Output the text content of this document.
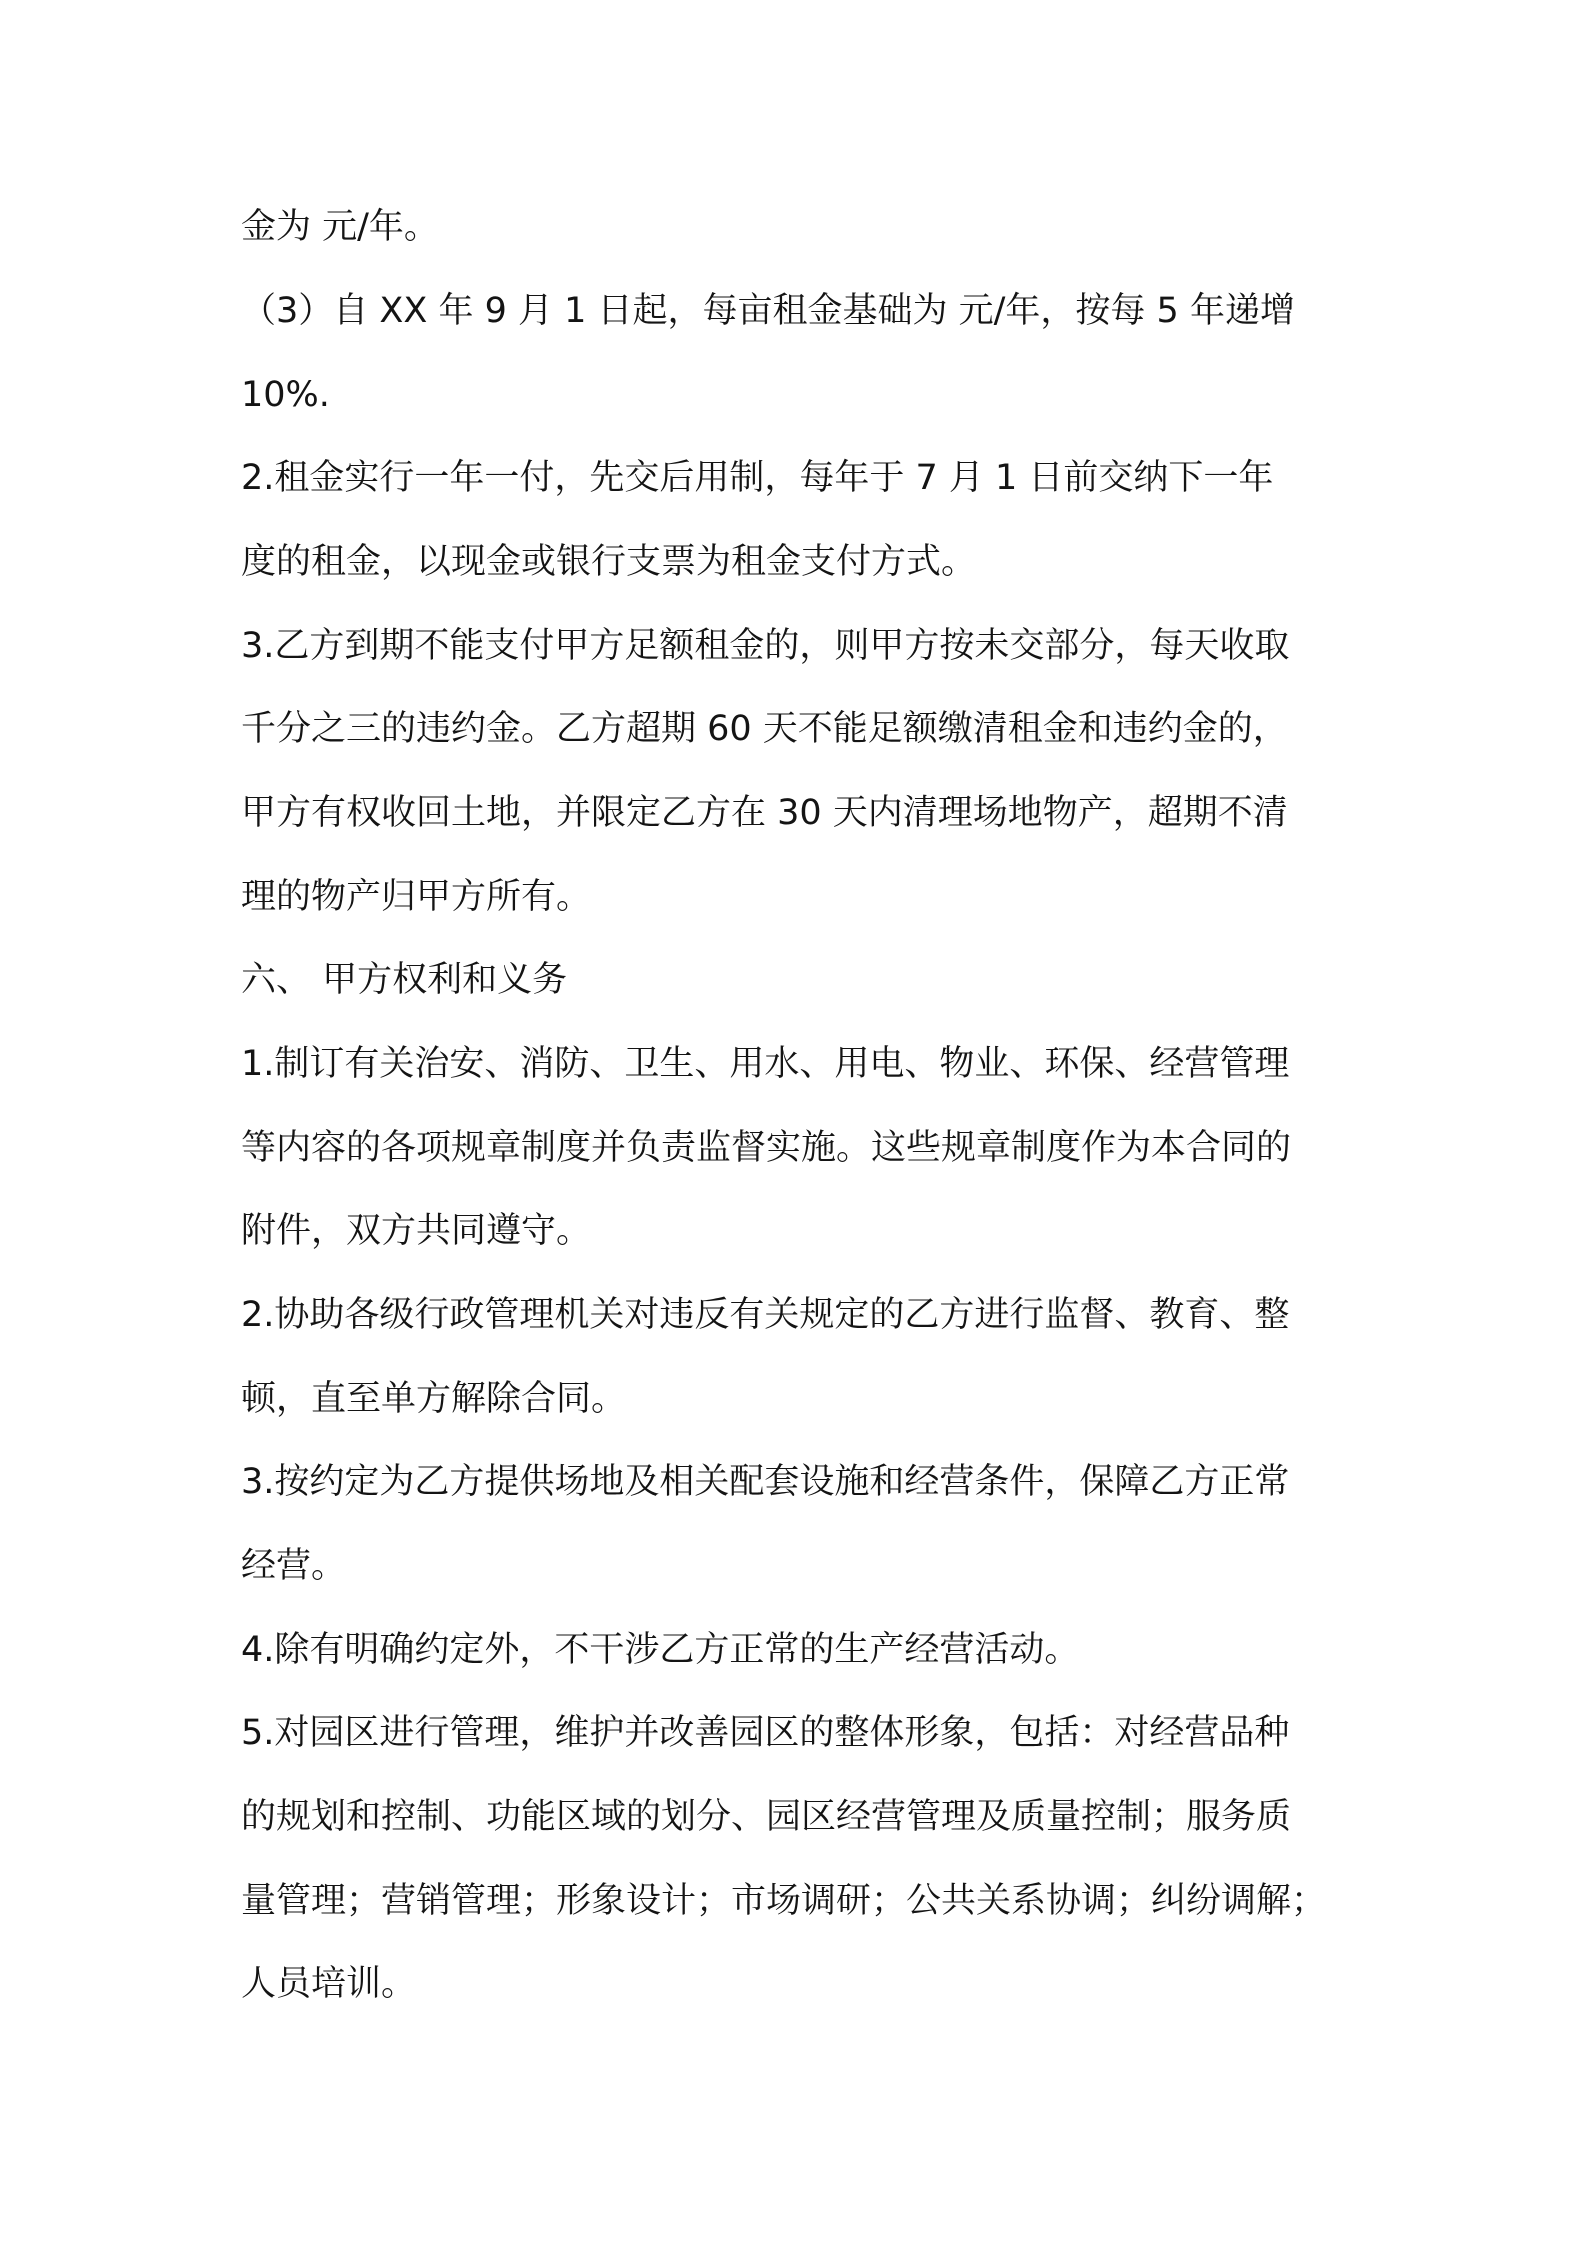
金为 元/年。
（3）自 XX 年 9 月 1 日起，每亩租金基础为 元/年，按每 5 年递增
10%.
2.租金实行一年一付，先交后用制，每年于 7 月 1 日前交纳下一年
度的租金，以现金或银行支票为租金支付方式。
3.乙方到期不能支付甲方足额租金的，则甲方按未交部分，每天收取
千分之三的违约金。乙方超期 60 天不能足额缴清租金和违约金的，
甲方有权收回土地，并限定乙方在 30 天内清理场地物产，超期不清
理的物产归甲方所有。
六、 甲方权利和义务
1.制订有关治安、消防、卫生、用水、用电、物业、环保、经营管理
等内容的各项规章制度并负责监督实施。这些规章制度作为本合同的
附件，双方共同遵守。
2.协助各级行政管理机关对违反有关规定的乙方进行监督、教育、整
顿，直至单方解除合同。
3.按约定为乙方提供场地及相关配套设施和经营条件，保障乙方正常
经营。
4.除有明确约定外，不干涉乙方正常的生产经营活动。
5.对园区进行管理，维护并改善园区的整体形象，包括：对经营品种
的规划和控制、功能区域的划分、园区经营管理及质量控制；服务质
量管理；营销管理；形象设计；市场调研；公共关系协调；纠纷调解；
人员培训。
